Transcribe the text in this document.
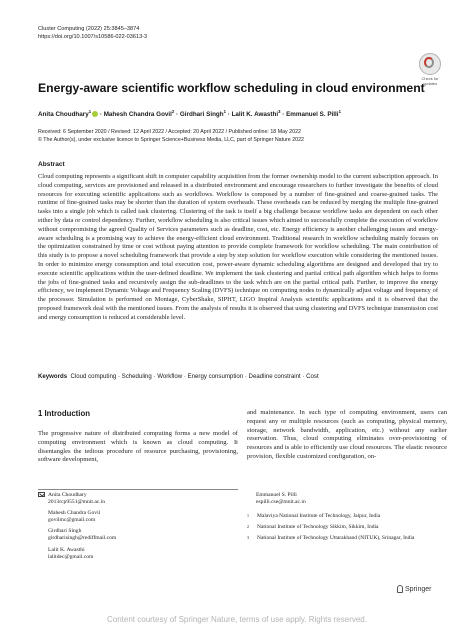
Cluster Computing (2022) 25:3845–3874
https://doi.org/10.1007/s10586-022-03613-3
Check for
updates
Energy-aware scientific workflow scheduling in cloud environment
Anita Choudhary$^1$ · Mahesh Chandra Govil$^2$ · Girdhari Singh$^1$ · Lalit K. Awasthi$^3$ · Emmanuel S. Pilli$^1$
Received: 6 September 2020 / Revised: 12 April 2022 / Accepted: 20 April 2022 / Published online: 18 May 2022
© The Author(s), under exclusive licence to Springer Science+Business Media, LLC, part of Springer Nature 2022
Abstract
Cloud computing represents a significant shift in computer capability acquisition from the former ownership model to the current subscription approach. In cloud computing, services are provisioned and released in a distributed environment and encourage researchers to further investigate the benefits of cloud resources for executing scientific applications such as workflows. Workflow is composed by a number of fine-grained and coarse-grained tasks. The runtime of fine-grained tasks may be shorter than the duration of system overheads. These overheads can be reduced by merging the multiple fine-grained tasks into a single job which is called task clustering. Clustering of the task is itself a big challenge because workflow tasks are dependent on each other either by data or control dependency. Further, workflow scheduling is also critical issues which aimed to successfully complete the execution of workflow without compromising the agreed Quality of Services parameters such as deadline, cost, etc. Energy efficiency is another challenging issues and energy-aware scheduling is a promising way to achieve the energy-efficient cloud environment. Traditional research in workflow scheduling mainly focuses on the optimization constrained by time or cost without paying attention to provide complete framework for workflow scheduling. The main contribution of this study is to propose a novel scheduling framework that provide a step by step solution for workflow execution while considering the mentioned issues. In order to minimize energy consumption and total execution cost, power-aware dynamic scheduling algorithms are designed and developed that try to execute scientific applications within the user-defined deadline. We implement the task clustering and partial critical path algorithm which helps to forms the jobs of fine-grained tasks and recursively assign the sub-deadlines to the task which are on the partial critical path. Further, to improve the energy efficiency, we implement Dynamic Voltage and Frequency Scaling (DVFS) technique on computing nodes to dynamically adjust voltage and frequency of the processor. Simulation is performed on Montage, CyberShake, SIPHT, LIGO Inspiral Analysis scientific applications and it is observed that the proposed framework deal with the mentioned issues. From the analysis of results it is observed that using clustering and DVFS technique transmission cost and energy consumption is reduced at considerable level.
Keywords Cloud computing · Scheduling · Workflow · Energy consumption · Deadline constraint · Cost
1 Introduction
The progressive nature of distributed computing forms a new model of computing environment which is known as cloud computing. It disentangles the tedious procedure of resource purchasing, provisioning, software development,
and maintenance. In such type of computing environment, users can request any or multiple resources (such as computing, physical memory, storage, network bandwidth, application, etc.) without any earlier reservation. Thus, cloud computing eliminates over-provisioning of resources and is able to efficiently use cloud resources. The elastic resource provision, flexible customized configuration, on-
Anita Choudhary
2013rcp9551@mnit.ac.in
Mahesh Chandra Govil
govilmc@gmail.com
Girdhari Singh
girdharisingh@rediffmail.com
Lalit K. Awasthi
lalitdec@gmail.com
Emmanuel S. Pilli
espilli.cse@mnit.ac.in
1 Malaviya National Institute of Technology, Jaipur, India
2 National Institute of Technology Sikkim, Sikkim, India
3 National Institute of Technology Uttarakhand (NITUK), Srinagar, India
Springer
Content courtesy of Springer Nature, terms of use apply. Rights reserved.
